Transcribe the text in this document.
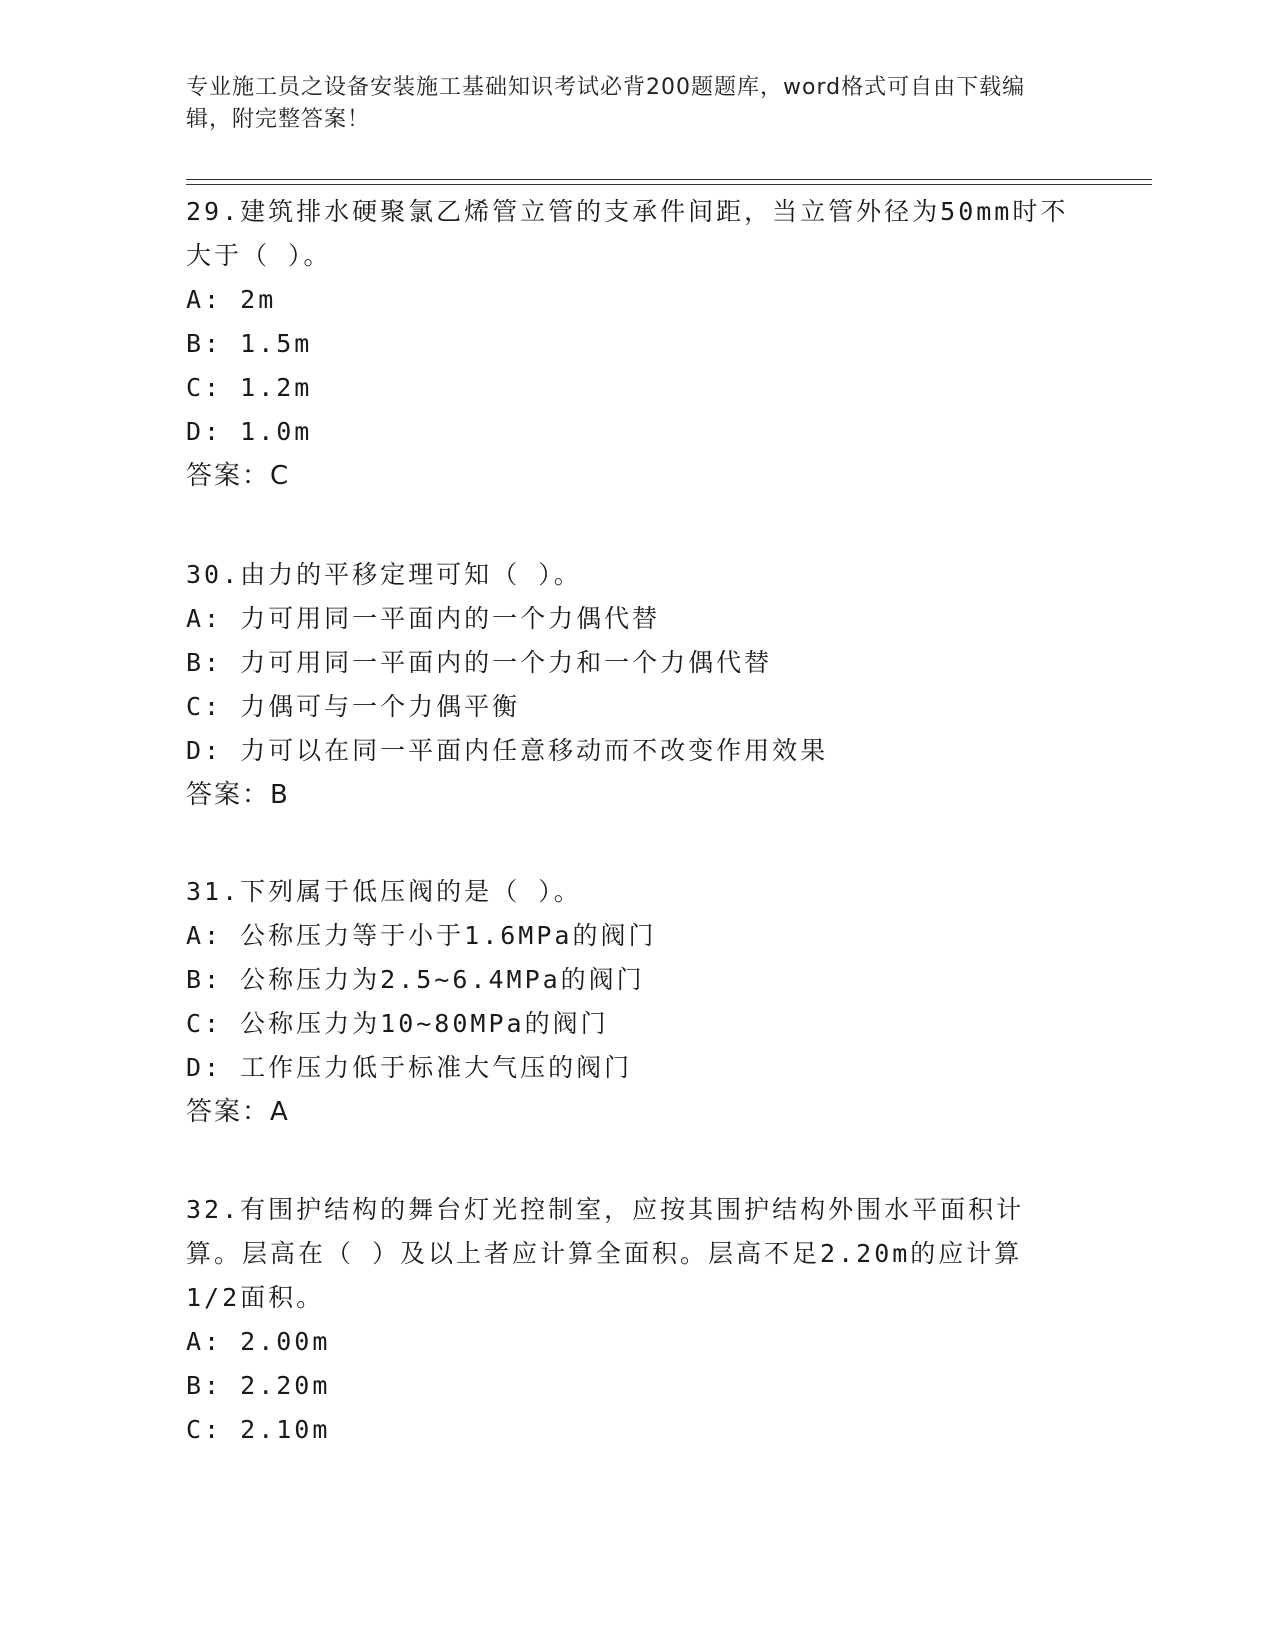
专业施工员之设备安装施工基础知识考试必背200题题库，word格式可自由下载编辑，附完整答案！

29.建筑排水硬聚氯乙烯管立管的支承件间距，当立管外径为50mm时不大于（ ）。

A: 2m

B: 1.5m

C: 1.2m

D: 1.0m

答案：C

30.由力的平移定理可知（ ）。

A: 力可用同一平面内的一个力偶代替

B: 力可用同一平面内的一个力和一个力偶代替

C: 力偶可与一个力偶平衡

D: 力可以在同一平面内任意移动而不改变作用效果

答案：B

31.下列属于低压阀的是（ ）。

A: 公称压力等于小于1.6MPa的阀门

B: 公称压力为2.5~6.4MPa的阀门

C: 公称压力为10~80MPa的阀门

D: 工作压力低于标准大气压的阀门

答案：A

32.有围护结构的舞台灯光控制室，应按其围护结构外围水平面积计算。层高在（ ）及以上者应计算全面积。层高不足2.20m的应计算1/2面积。

A: 2.00m

B: 2.20m

C: 2.10m
